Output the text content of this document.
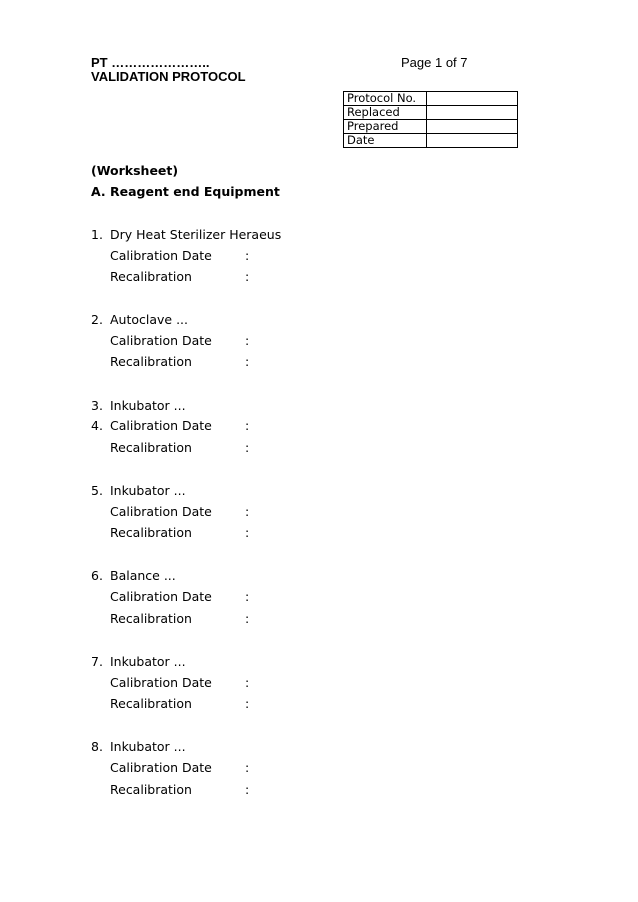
PT …………………..
VALIDATION PROTOCOL
Page 1 of 7
Protocol No.	
Replaced	
Prepared	
Date	
(Worksheet)
A. Reagent end Equipment
1. Dry Heat Sterilizer Heraeus
Calibration Date	:
Recalibration	:
2. Autoclave ...
Calibration Date	:
Recalibration	:
3. Inkubator ...
4. Calibration Date	:
Recalibration	:
5. Inkubator ...
Calibration Date	:
Recalibration	:
6. Balance ...
Calibration Date	:
Recalibration	:
7. Inkubator ...
Calibration Date	:
Recalibration	:
8. Inkubator ...
Calibration Date	:
Recalibration	:
